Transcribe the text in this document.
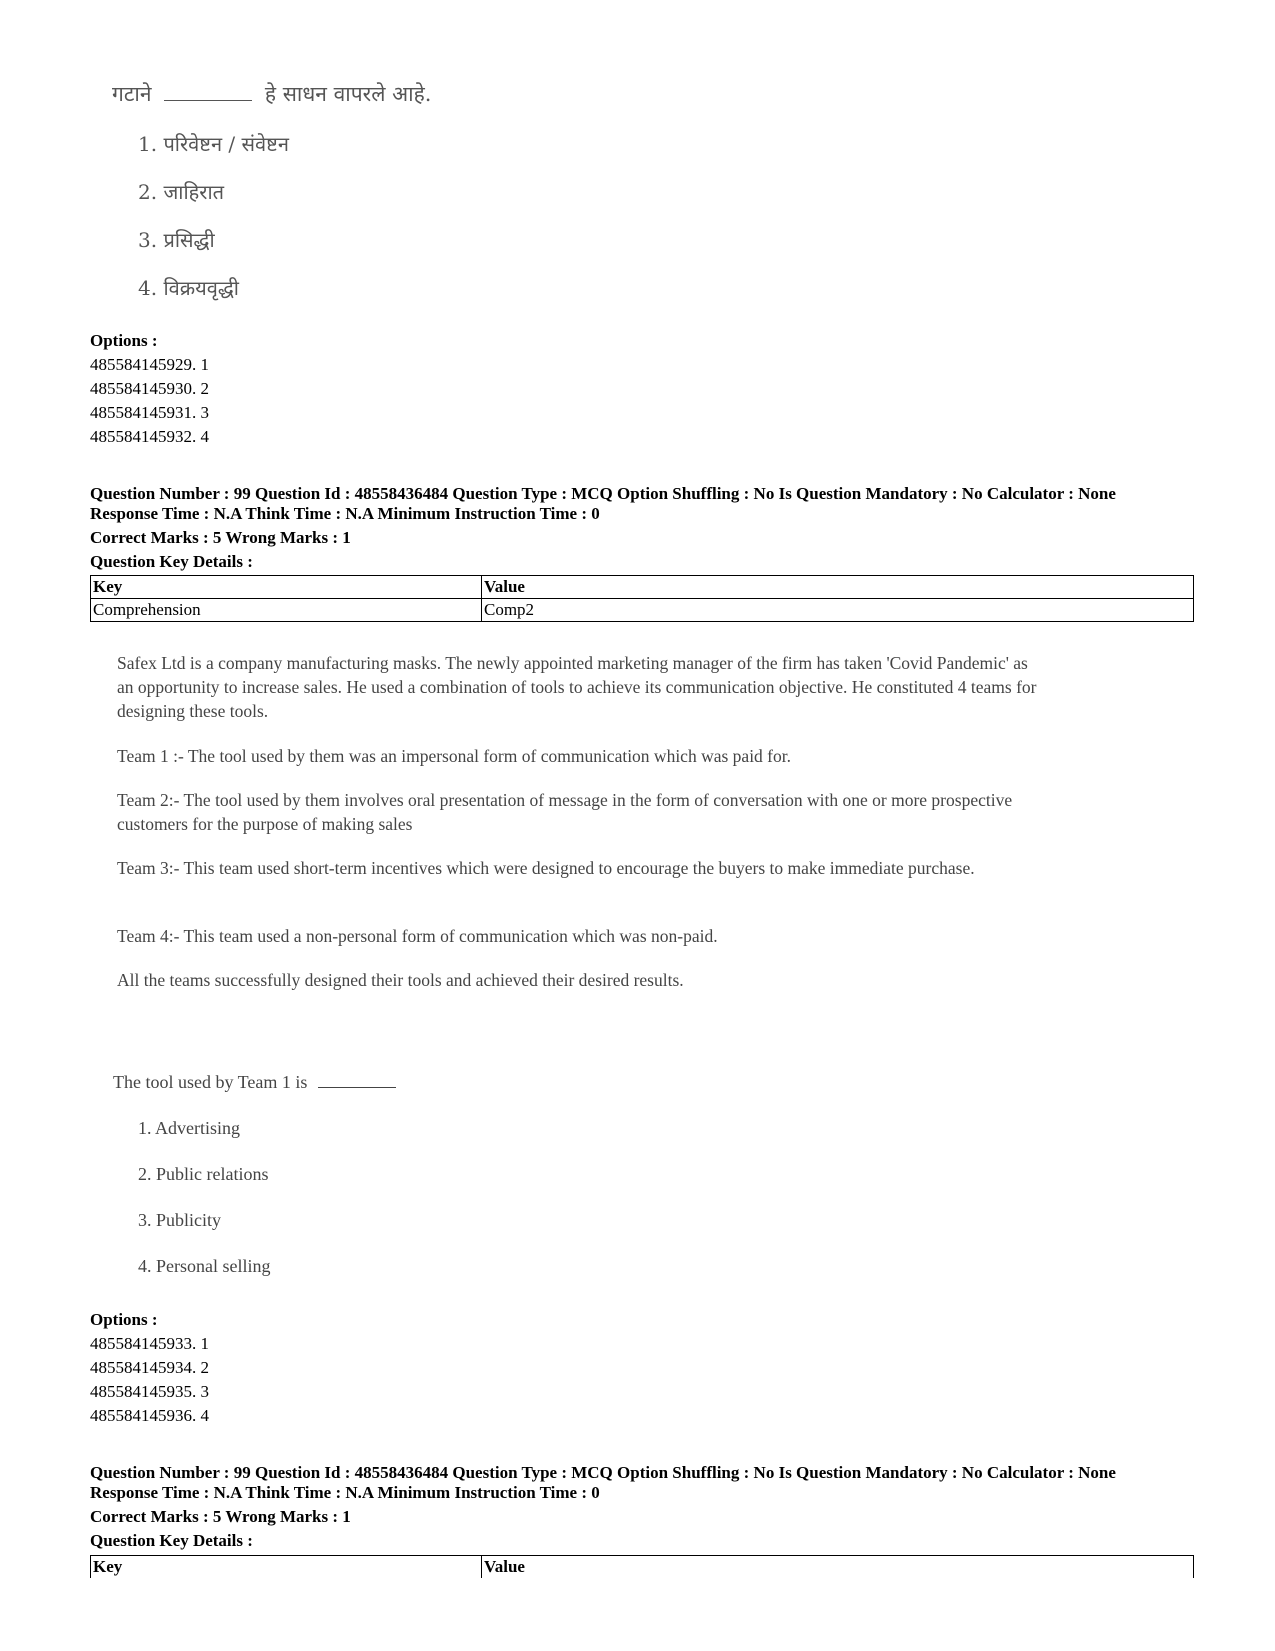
गटाने	हे साधन वापरले आहे.
1. परिवेष्टन / संवेष्टन
2. जाहिरात
3. प्रसिद्धी
4. विक्रयवृद्धी
Options :
485584145929. 1
485584145930. 2
485584145931. 3
485584145932. 4
Question Number : 99 Question Id : 48558436484 Question Type : MCQ Option Shuffling : No Is Question Mandatory : No Calculator : None
Response Time : N.A Think Time : N.A Minimum Instruction Time : 0
Correct Marks : 5 Wrong Marks : 1
Question Key Details :
Key	Value
Comprehension	Comp2

Safex Ltd is a company manufacturing masks. The newly appointed marketing manager of the firm has taken 'Covid Pandemic' as an opportunity to increase sales. He used a combination of tools to achieve its communication objective. He constituted 4 teams for designing these tools.

Team 1 :- The tool used by them was an impersonal form of communication which was paid for.

Team 2:- The tool used by them involves oral presentation of message in the form of conversation with one or more prospective customers for the purpose of making sales

Team 3:- This team used short-term incentives which were designed to encourage the buyers to make immediate purchase.

Team 4:- This team used a non-personal form of communication which was non-paid.

All the teams successfully designed their tools and achieved their desired results.

The tool used by Team 1 is
1. Advertising
2. Public relations
3. Publicity
4. Personal selling
Options :
485584145933. 1
485584145934. 2
485584145935. 3
485584145936. 4
Question Number : 99 Question Id : 48558436484 Question Type : MCQ Option Shuffling : No Is Question Mandatory : No Calculator : None
Response Time : N.A Think Time : N.A Minimum Instruction Time : 0
Correct Marks : 5 Wrong Marks : 1
Question Key Details :
Key	Value
